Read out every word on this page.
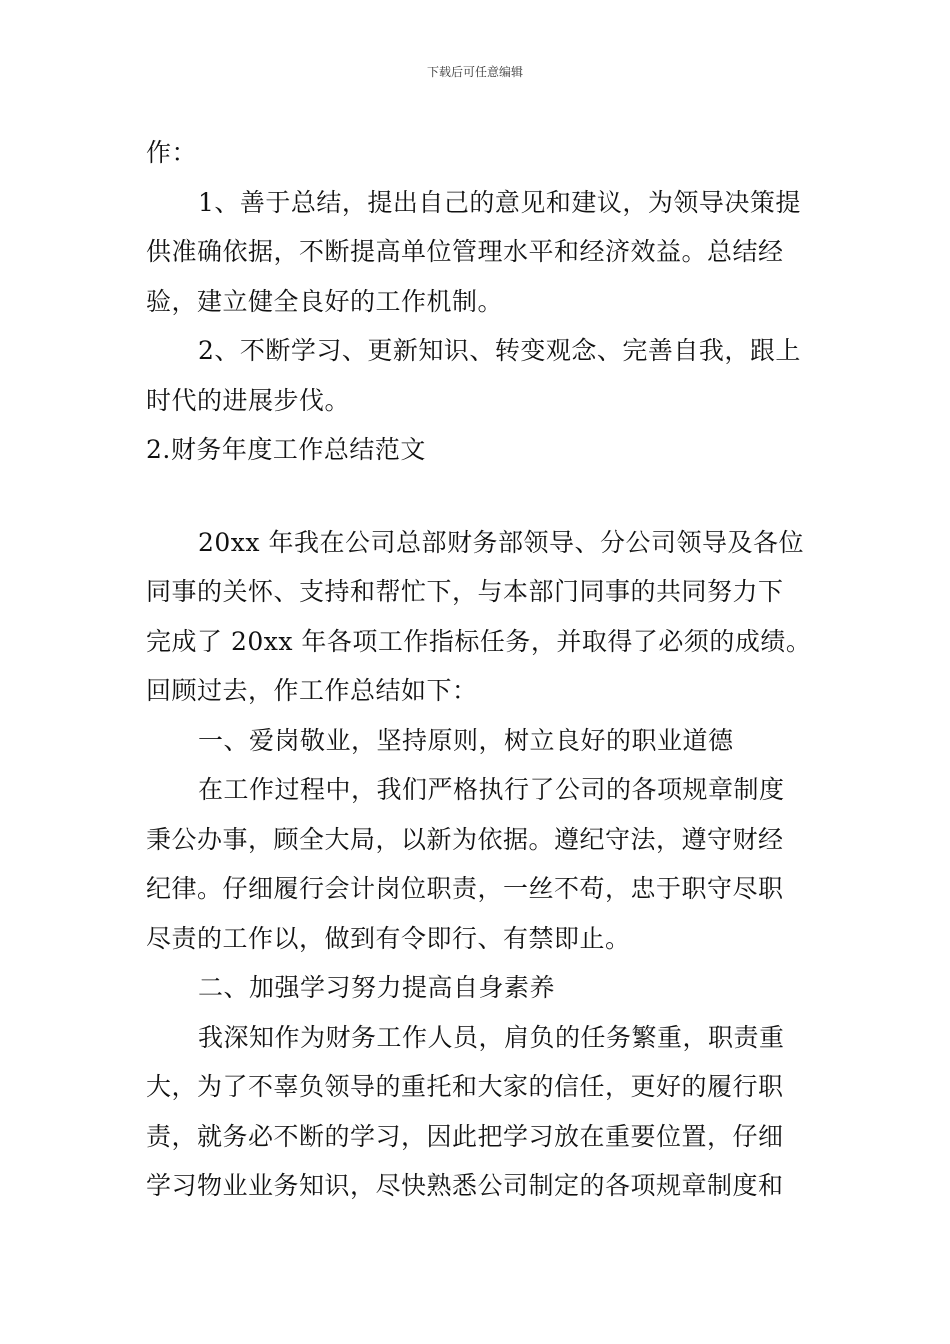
下载后可任意编辑
作：
1、善于总结，提出自己的意见和建议，为领导决策提
供准确依据，不断提高单位管理水平和经济效益。总结经
验，建立健全良好的工作机制。
2、不断学习、更新知识、转变观念、完善自我，跟上
时代的进展步伐。
2.财务年度工作总结范文
20xx 年我在公司总部财务部领导、分公司领导及各位
同事的关怀、支持和帮忙下，与本部门同事的共同努力下
完成了 20xx 年各项工作指标任务，并取得了必须的成绩。
回顾过去，作工作总结如下：
一、爱岗敬业，坚持原则，树立良好的职业道德
在工作过程中，我们严格执行了公司的各项规章制度
秉公办事，顾全大局，以新为依据。遵纪守法，遵守财经
纪律。仔细履行会计岗位职责，一丝不苟，忠于职守尽职
尽责的工作以，做到有令即行、有禁即止。
二、加强学习努力提高自身素养
我深知作为财务工作人员，肩负的任务繁重，职责重
大，为了不辜负领导的重托和大家的信任，更好的履行职
责，就务必不断的学习，因此把学习放在重要位置，仔细
学习物业业务知识，尽快熟悉公司制定的各项规章制度和
